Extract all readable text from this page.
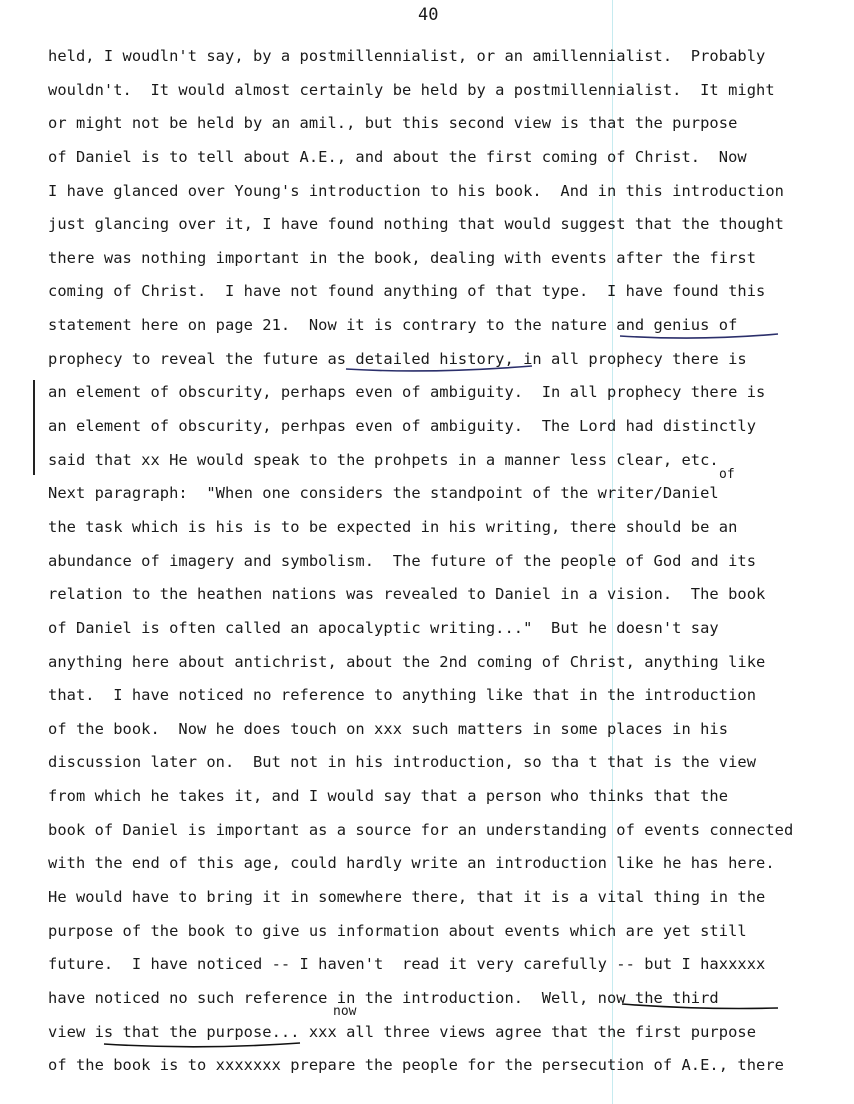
40
held, I woudln't say, by a postmillennialist, or an amillennialist.  Probably
wouldn't.  It would almost certainly be held by a postmillennialist.  It might
or might not be held by an amil., but this second view is that the purpose
of Daniel is to tell about A.E., and about the first coming of Christ.  Now
I have glanced over Young's introduction to his book.  And in this introduction
just glancing over it, I have found nothing that would suggest that the thought
there was nothing important in the book, dealing with events after the first
coming of Christ.  I have not found anything of that type.  I have found this
statement here on page 21.  Now it is contrary to the nature and genius of
prophecy to reveal the future as detailed history, in all prophecy there is
an element of obscurity, perhaps even of ambiguity.  In all prophecy there is
an element of obscurity, perhpas even of ambiguity.  The Lord had distinctly
said that xx He would speak to the prohpets in a manner less clear, etc.
Next paragraph:  "When one considers the standpoint of the writer/Daniel
the task which is his is to be expected in his writing, there should be an
abundance of imagery and symbolism.  The future of the people of God and its
relation to the heathen nations was revealed to Daniel in a vision.  The book
of Daniel is often called an apocalyptic writing..."  But he doesn't say
anything here about antichrist, about the 2nd coming of Christ, anything like
that.  I have noticed no reference to anything like that in the introduction
of the book.  Now he does touch on xxx such matters in some places in his
discussion later on.  But not in his introduction, so tha t that is the view
from which he takes it, and I would say that a person who thinks that the
book of Daniel is important as a source for an understanding of events connected
with the end of this age, could hardly write an introduction like he has here.
He would have to bring it in somewhere there, that it is a vital thing in the
purpose of the book to give us information about events which are yet still
future.  I have noticed -- I haven't  read it very carefully -- but I haxxxxx
have noticed no such reference in the introduction.  Well, now the third
view is that the purpose... xxx all three views agree that the first purpose
of the book is to xxxxxxx prepare the people for the persecution of A.E., there
of
now
